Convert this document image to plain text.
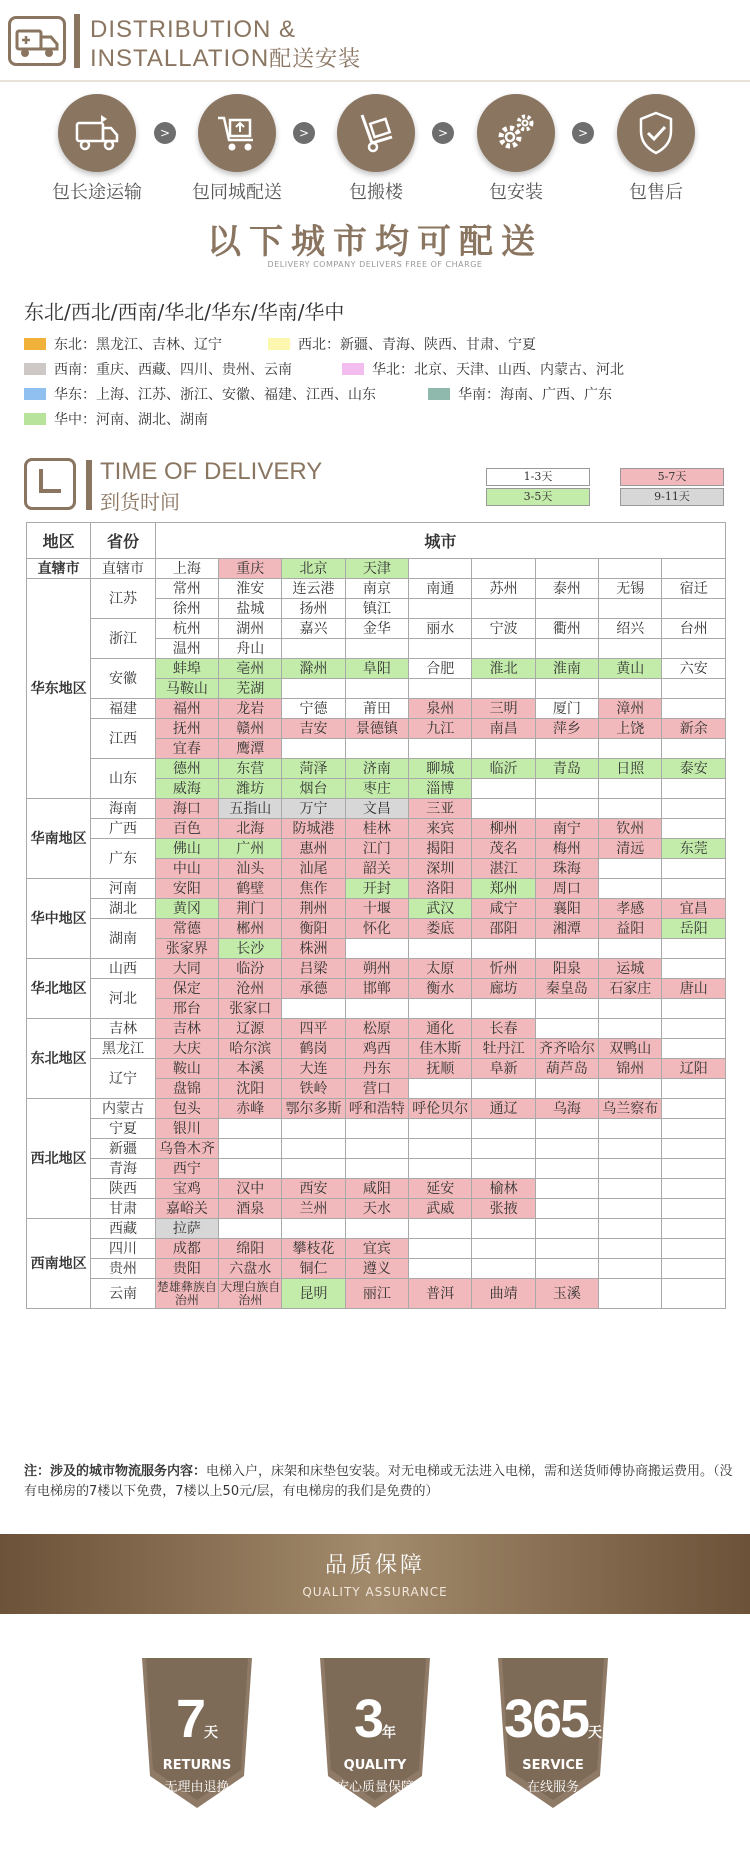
DISTRIBUTION &
INSTALLATION配送安装
包长途运输
>
包同城配送
>
包搬楼
>
包安装
>
包售后
以下城市均可配送
DELIVERY COMPANY DELIVERS FREE OF CHARGE
东北/西北/西南/华北/华东/华南/华中
东北：黑龙江、吉林、辽宁	西北：新疆、青海、陕西、甘肃、宁夏
西南：重庆、西藏、四川、贵州、云南	华北：北京、天津、山西、内蒙古、河北
华东：上海、江苏、浙江、安徽、福建、江西、山东	华南：海南、广西、广东
华中：河南、湖北、湖南
TIME OF DELIVERY
到货时间
1-3天	5-7天
3-5天	9-11天
地区	省份	城市								
直辖市	直辖市	上海	重庆	北京	天津					
华东地区	江苏	常州	淮安	连云港	南京	南通	苏州	泰州	无锡	宿迁
		徐州	盐城	扬州	镇江					
	浙江	杭州	湖州	嘉兴	金华	丽水	宁波	衢州	绍兴	台州
		温州	舟山							
	安徽	蚌埠	亳州	滁州	阜阳	合肥	淮北	淮南	黄山	六安
		马鞍山	芜湖							
	福建	福州	龙岩	宁德	莆田	泉州	三明	厦门	漳州	
	江西	抚州	赣州	吉安	景德镇	九江	南昌	萍乡	上饶	新余
		宜春	鹰潭							
	山东	德州	东营	菏泽	济南	聊城	临沂	青岛	日照	泰安
		威海	潍坊	烟台	枣庄	淄博				
华南地区	海南	海口	五指山	万宁	文昌	三亚				
	广西	百色	北海	防城港	桂林	来宾	柳州	南宁	钦州	
	广东	佛山	广州	惠州	江门	揭阳	茂名	梅州	清远	东莞
		中山	汕头	汕尾	韶关	深圳	湛江	珠海		
华中地区	河南	安阳	鹤壁	焦作	开封	洛阳	郑州	周口		
	湖北	黄冈	荆门	荆州	十堰	武汉	咸宁	襄阳	孝感	宜昌
	湖南	常德	郴州	衡阳	怀化	娄底	邵阳	湘潭	益阳	岳阳
		张家界	长沙	株洲						
华北地区	山西	大同	临汾	吕梁	朔州	太原	忻州	阳泉	运城	
	河北	保定	沧州	承德	邯郸	衡水	廊坊	秦皇岛	石家庄	唐山
		邢台	张家口							
东北地区	吉林	吉林	辽源	四平	松原	通化	长春			
	黑龙江	大庆	哈尔滨	鹤岗	鸡西	佳木斯	牡丹江	齐齐哈尔	双鸭山	
	辽宁	鞍山	本溪	大连	丹东	抚顺	阜新	葫芦岛	锦州	辽阳
		盘锦	沈阳	铁岭	营口					
西北地区	内蒙古	包头	赤峰	鄂尔多斯	呼和浩特	呼伦贝尔	通辽	乌海	乌兰察布	
	宁夏	银川								
	新疆	乌鲁木齐								
	青海	西宁								
	陕西	宝鸡	汉中	西安	咸阳	延安	榆林			
	甘肃	嘉峪关	酒泉	兰州	天水	武威	张掖			
西南地区	西藏	拉萨								
	四川	成都	绵阳	攀枝花	宜宾					
	贵州	贵阳	六盘水	铜仁	遵义					
	云南	楚雄彝族自治州	大理白族自治州	昆明	丽江	普洱	曲靖	玉溪		
注：涉及的城市物流服务内容：电梯入户，床架和床垫包安装。对无电梯或无法进入电梯，需和送货师傅协商搬运费用。（没有电梯房的7楼以下免费，7楼以上50元/层，有电梯房的我们是免费的）
品质保障
QUALITY ASSURANCE
7天
RETURNS
无理由退换
3年
QUALITY
安心质量保障
365天
SERVICE
在线服务
